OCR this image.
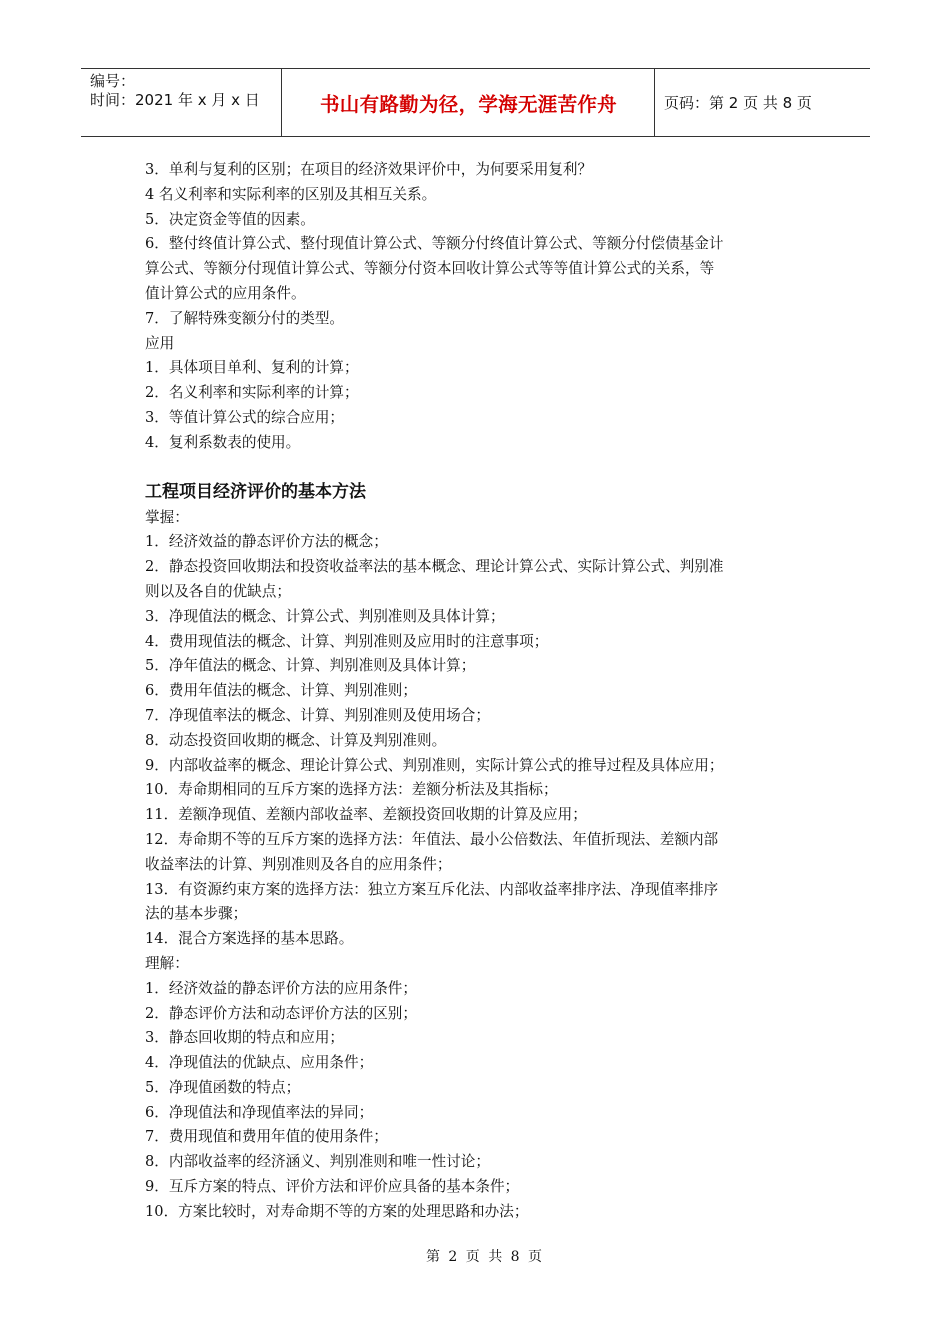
编号：
时间：2021 年 x 月 x 日	书山有路勤为径，学海无涯苦作舟	页码：第 2 页 共 8 页

3．单利与复利的区别；在项目的经济效果评价中，为何要采用复利？

4 名义利率和实际利率的区别及其相互关系。

5．决定资金等值的因素。

6．整付终值计算公式、整付现值计算公式、等额分付终值计算公式、等额分付偿债基金计

算公式、等额分付现值计算公式、等额分付资本回收计算公式等等值计算公式的关系，等

值计算公式的应用条件。

7．了解特殊变额分付的类型。

应用

1．具体项目单利、复利的计算；

2．名义利率和实际利率的计算；

3．等值计算公式的综合应用；

4．复利系数表的使用。

工程项目经济评价的基本方法

掌握：

1．经济效益的静态评价方法的概念；

2．静态投资回收期法和投资收益率法的基本概念、理论计算公式、实际计算公式、判别准

则以及各自的优缺点；

3．净现值法的概念、计算公式、判别准则及具体计算；

4．费用现值法的概念、计算、判别准则及应用时的注意事项；

5．净年值法的概念、计算、判别准则及具体计算；

6．费用年值法的概念、计算、判别准则；

7．净现值率法的概念、计算、判别准则及使用场合；

8．动态投资回收期的概念、计算及判别准则。

9．内部收益率的概念、理论计算公式、判别准则，实际计算公式的推导过程及具体应用；

10．寿命期相同的互斥方案的选择方法：差额分析法及其指标；

11．差额净现值、差额内部收益率、差额投资回收期的计算及应用；

12．寿命期不等的互斥方案的选择方法：年值法、最小公倍数法、年值折现法、差额内部

收益率法的计算、判别准则及各自的应用条件；

13．有资源约束方案的选择方法：独立方案互斥化法、内部收益率排序法、净现值率排序

法的基本步骤；

14．混合方案选择的基本思路。

理解：

1．经济效益的静态评价方法的应用条件；

2．静态评价方法和动态评价方法的区别；

3．静态回收期的特点和应用；

4．净现值法的优缺点、应用条件；

5．净现值函数的特点；

6．净现值法和净现值率法的异同；

7．费用现值和费用年值的使用条件；

8．内部收益率的经济涵义、判别准则和唯一性讨论；

9．互斥方案的特点、评价方法和评价应具备的基本条件；

10．方案比较时，对寿命期不等的方案的处理思路和办法；

第 2 页 共 8 页
